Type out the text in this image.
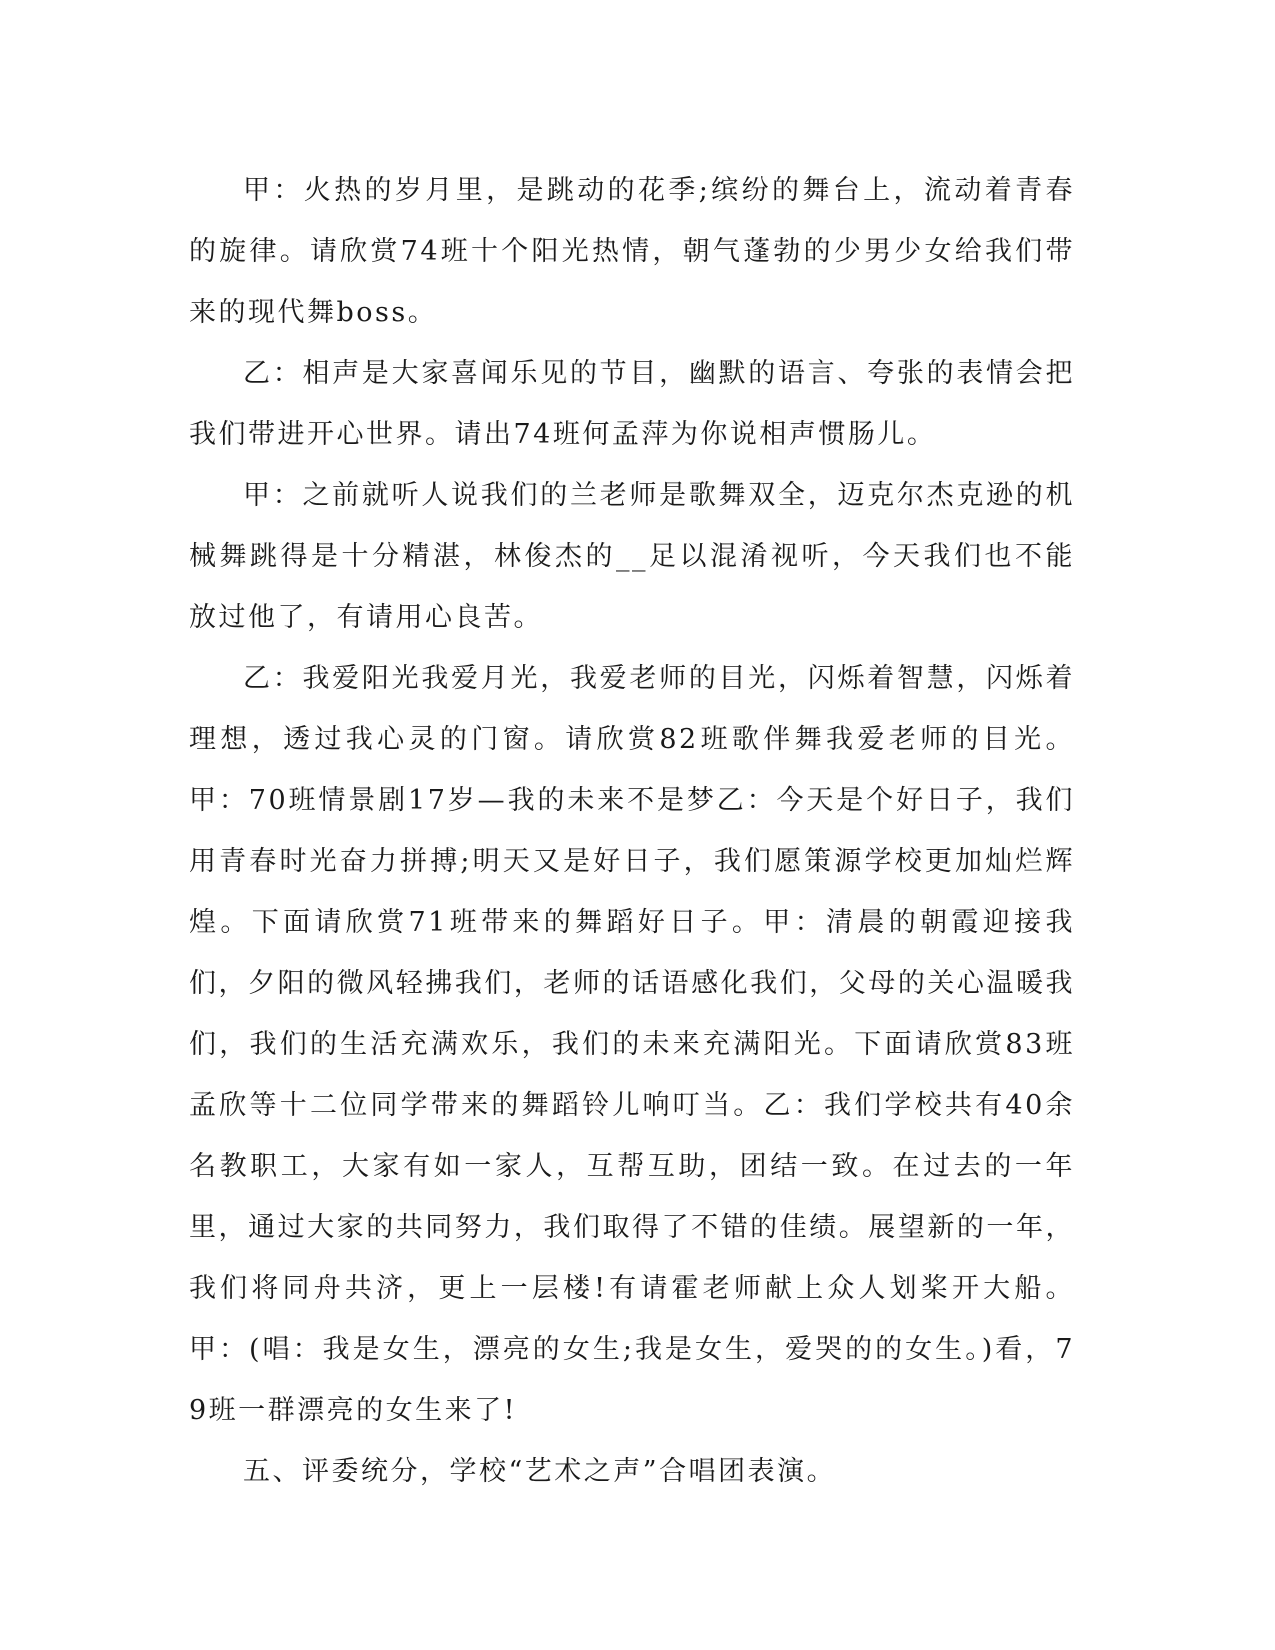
甲：火热的岁月里，是跳动的花季;缤纷的舞台上，流动着青春的旋律。请欣赏74班十个阳光热情，朝气蓬勃的少男少女给我们带来的现代舞boss。

乙：相声是大家喜闻乐见的节目，幽默的语言、夸张的表情会把我们带进开心世界。请出74班何孟萍为你说相声惯肠儿。

甲：之前就听人说我们的兰老师是歌舞双全，迈克尔杰克逊的机械舞跳得是十分精湛，林俊杰的__足以混淆视听，今天我们也不能放过他了，有请用心良苦。

乙：我爱阳光我爱月光，我爱老师的目光，闪烁着智慧，闪烁着理想，透过我心灵的门窗。请欣赏82班歌伴舞我爱老师的目光。甲：70班情景剧17岁—我的未来不是梦乙：今天是个好日子，我们用青春时光奋力拼搏;明天又是好日子，我们愿策源学校更加灿烂辉煌。下面请欣赏71班带来的舞蹈好日子。甲：清晨的朝霞迎接我们，夕阳的微风轻拂我们，老师的话语感化我们，父母的关心温暖我们，我们的生活充满欢乐，我们的未来充满阳光。下面请欣赏83班孟欣等十二位同学带来的舞蹈铃儿响叮当。乙：我们学校共有40余名教职工，大家有如一家人，互帮互助，团结一致。在过去的一年里，通过大家的共同努力，我们取得了不错的佳绩。展望新的一年，我们将同舟共济，更上一层楼!有请霍老师献上众人划桨开大船。甲：(唱：我是女生，漂亮的女生;我是女生，爱哭的的女生。)看，79班一群漂亮的女生来了!

五、评委统分，学校“艺术之声”合唱团表演。
